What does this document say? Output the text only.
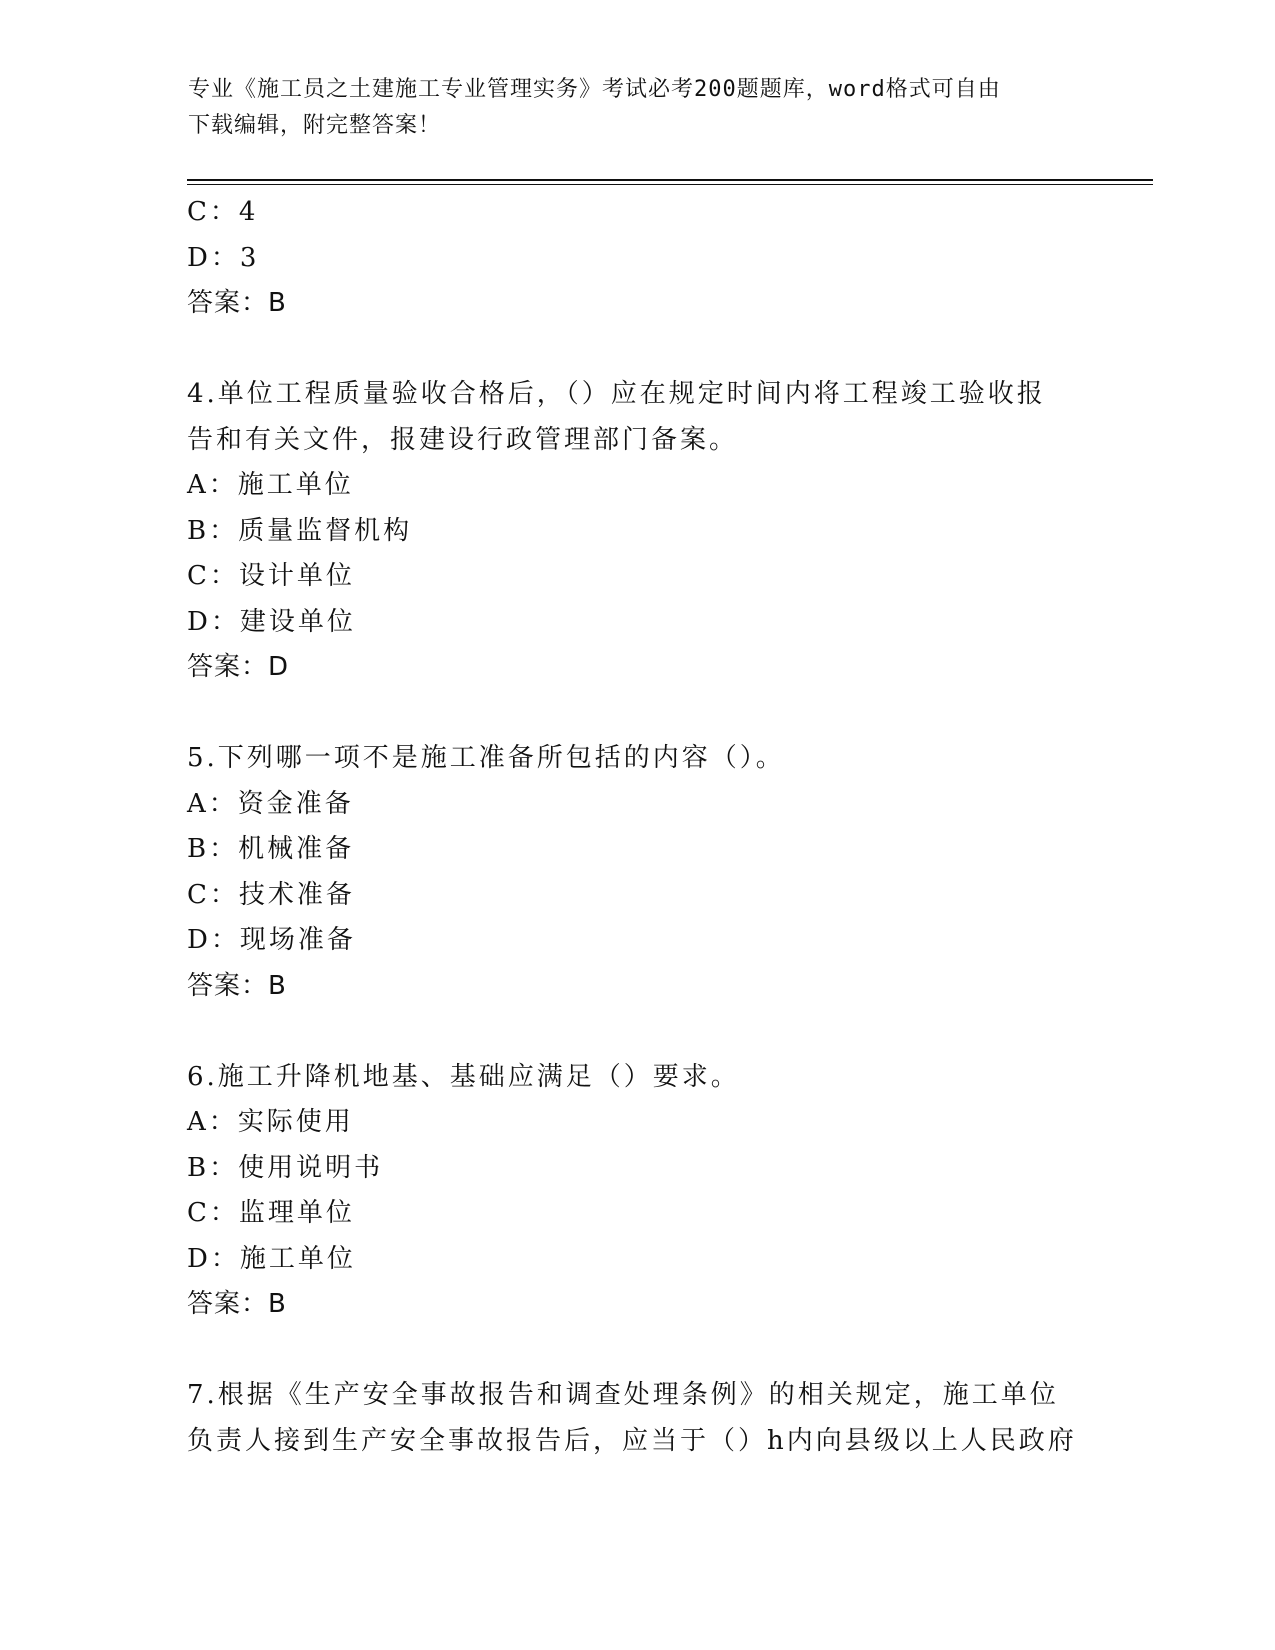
专业《施工员之土建施工专业管理实务》考试必考200题题库，word格式可自由
下载编辑，附完整答案！
C：4
D：3
答案：B
4.单位工程质量验收合格后，（）应在规定时间内将工程竣工验收报
告和有关文件，报建设行政管理部门备案。
A：施工单位
B：质量监督机构
C：设计单位
D：建设单位
答案：D
5.下列哪一项不是施工准备所包括的内容（）。
A：资金准备
B：机械准备
C：技术准备
D：现场准备
答案：B
6.施工升降机地基、基础应满足（）要求。
A：实际使用
B：使用说明书
C：监理单位
D：施工单位
答案：B
7.根据《生产安全事故报告和调查处理条例》的相关规定，施工单位
负责人接到生产安全事故报告后，应当于（）h内向县级以上人民政府
